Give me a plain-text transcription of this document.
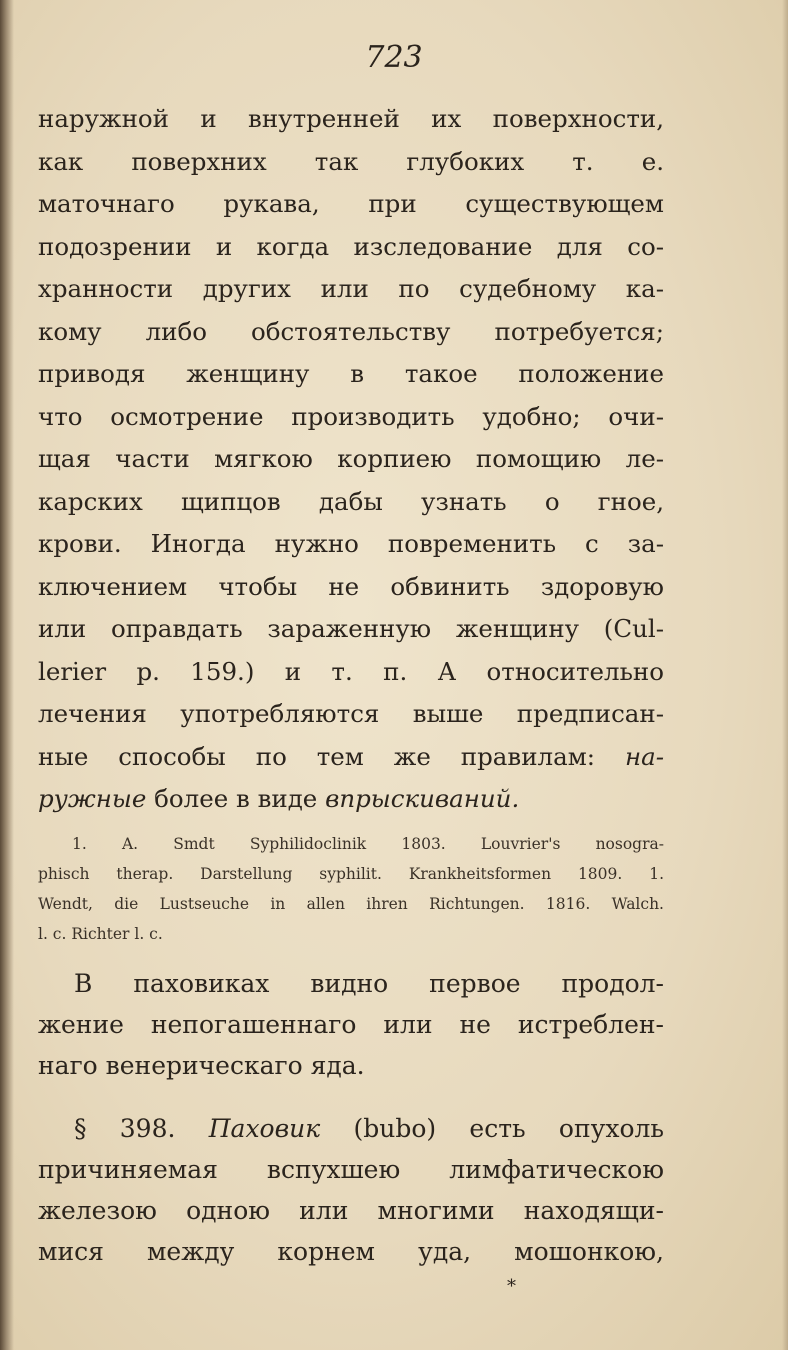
723
наружной и внутренней их поверхности,
как поверхних так глубоких т. е.
маточнаго рукава, при существующем
подозрении и когда изследование для со-
хранности других или по судебному ка-
кому либо обстоятельству потребуется;
приводя женщину в такое положение
что осмотрение производить удобно; очи-
щая части мягкою корпиею помощию ле-
карских щипцов дабы узнать о гное,
крови. Иногда нужно повременить с за-
ключением чтобы не обвинить здоровую
или оправдать зараженную женщину (Cul-
lerier p. 159.) и т. п. А относительно
лечения употребляются выше предписан-
ные способы по тем же правилам: на-
ружные более в виде впрыскиваний.
1. A. Smdt Syphilidoclinik 1803. Louvrier's nosogra-
phisch therap. Darstellung syphilit. Krankheitsformen 1809. 1.
Wendt, die Lustseuche in allen ihren Richtungen. 1816. Walch.
l. c. Richter l. c.
В паховиках видно первое продол-
жение непогашеннаго или не истреблен-
наго венерическаго яда.
§ 398. Паховик (bubo) есть опухоль
причиняемая вспухшею лимфатическою
железою одною или многими находящи-
мися между корнем уда, мошонкою,
*
